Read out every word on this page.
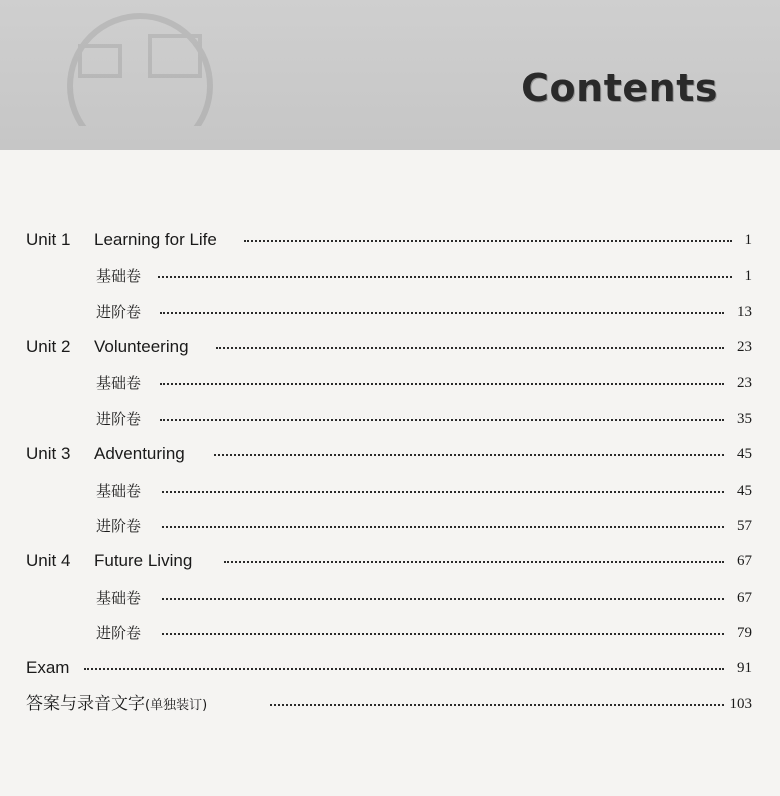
Contents
Unit 1 Learning for Life	1
基础卷	1
进阶卷	13
Unit 2 Volunteering	23
基础卷	23
进阶卷	35
Unit 3 Adventuring	45
基础卷	45
进阶卷	57
Unit 4 Future Living	67
基础卷	67
进阶卷	79
Exam	91
答案与录音文字(单独装订)	103
